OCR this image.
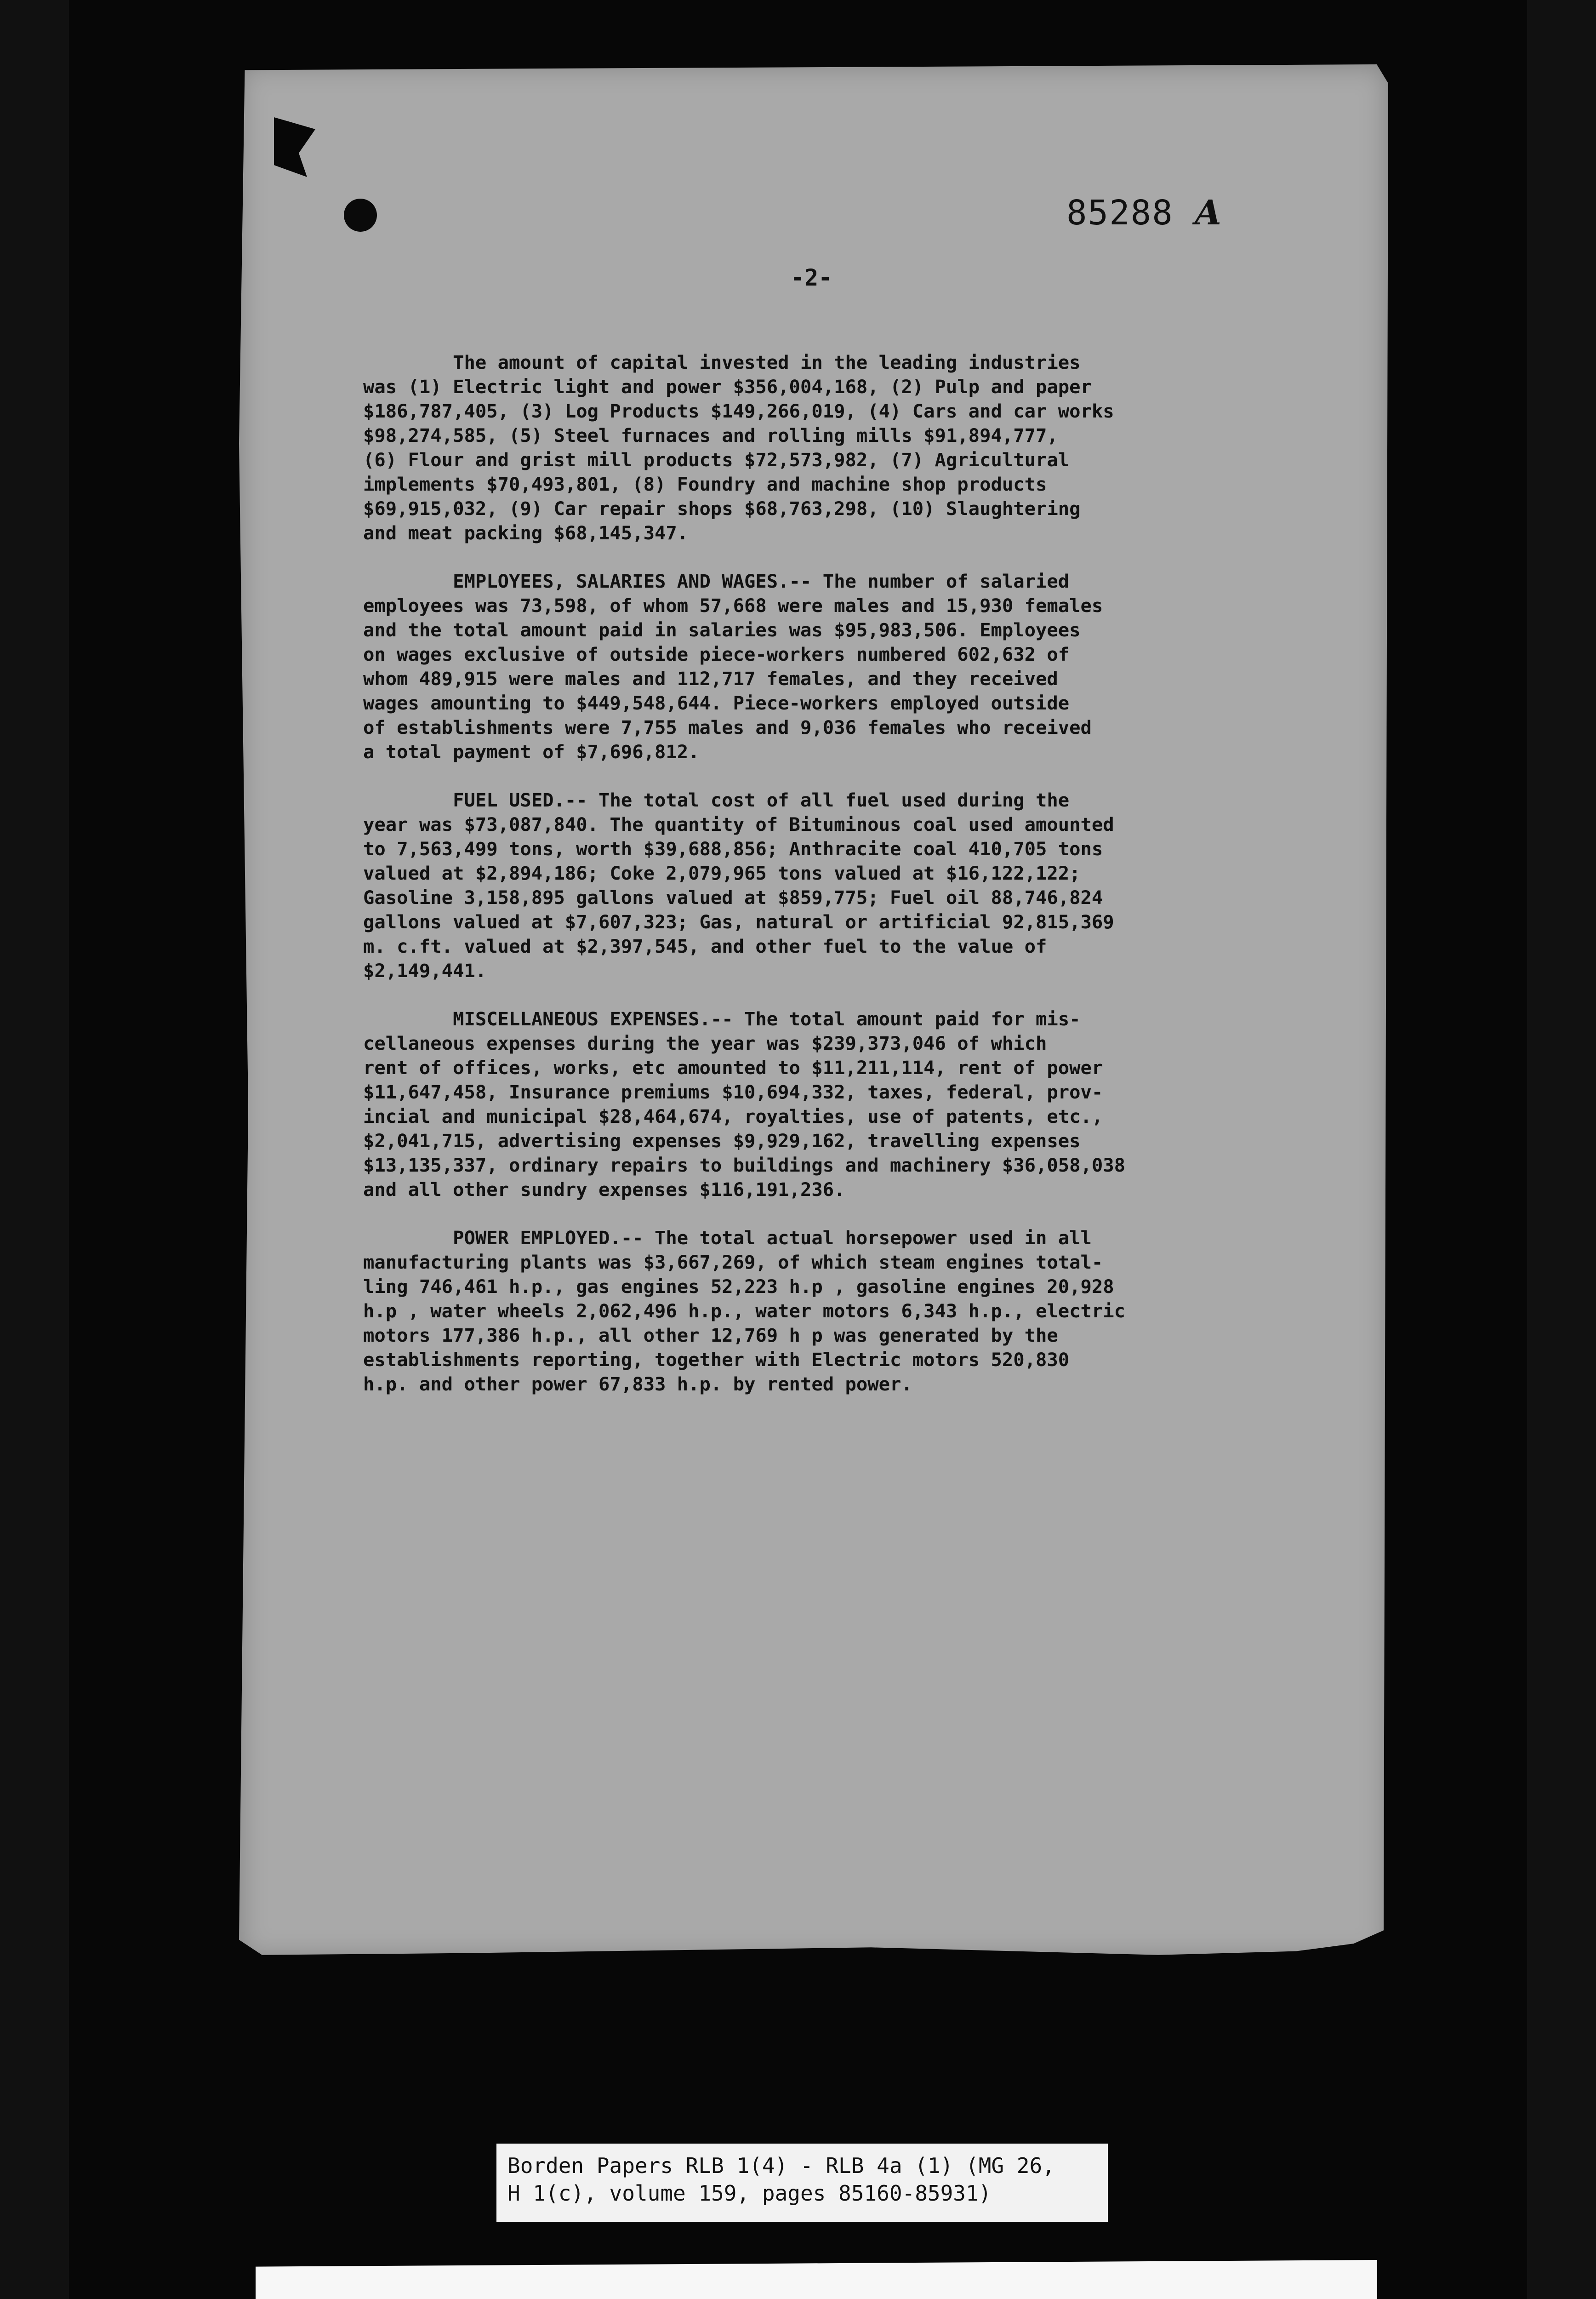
85288 A
-2-

The amount of capital invested in the leading industries
was (1) Electric light and power $356,004,168, (2) Pulp and paper
$186,787,405, (3) Log Products $149,266,019, (4) Cars and car works
$98,274,585, (5) Steel furnaces and rolling mills $91,894,777,
(6) Flour and grist mill products $72,573,982, (7) Agricultural
implements $70,493,801, (8) Foundry and machine shop products
$69,915,032, (9) Car repair shops $68,763,298, (10) Slaughtering
and meat packing $68,145,347.

EMPLOYEES, SALARIES AND WAGES.-- The number of salaried
employees was 73,598, of whom 57,668 were males and 15,930 females
and the total amount paid in salaries was $95,983,506. Employees
on wages exclusive of outside piece-workers numbered 602,632 of
whom 489,915 were males and 112,717 females, and they received
wages amounting to $449,548,644. Piece-workers employed outside
of establishments were 7,755 males and 9,036 females who received
a total payment of $7,696,812.

FUEL USED.-- The total cost of all fuel used during the
year was $73,087,840. The quantity of Bituminous coal used amounted
to 7,563,499 tons, worth $39,688,856; Anthracite coal 410,705 tons
valued at $2,894,186; Coke 2,079,965 tons valued at $16,122,122;
Gasoline 3,158,895 gallons valued at $859,775; Fuel oil 88,746,824
gallons valued at $7,607,323; Gas, natural or artificial 92,815,369
m. c.ft. valued at $2,397,545, and other fuel to the value of
$2,149,441.

MISCELLANEOUS EXPENSES.-- The total amount paid for mis-
cellaneous expenses during the year was $239,373,046 of which
rent of offices, works, etc amounted to $11,211,114, rent of power
$11,647,458, Insurance premiums $10,694,332, taxes, federal, prov-
incial and municipal $28,464,674, royalties, use of patents, etc.,
$2,041,715, advertising expenses $9,929,162, travelling expenses
$13,135,337, ordinary repairs to buildings and machinery $36,058,038
and all other sundry expenses $116,191,236.

POWER EMPLOYED.-- The total actual horsepower used in all
manufacturing plants was $3,667,269, of which steam engines total-
ling 746,461 h.p., gas engines 52,223 h.p , gasoline engines 20,928
h.p , water wheels 2,062,496 h.p., water motors 6,343 h.p., electric
motors 177,386 h.p., all other 12,769 h p was generated by the
establishments reporting, together with Electric motors 520,830
h.p. and other power 67,833 h.p. by rented power.

Borden Papers RLB 1(4) - RLB 4a (1) (MG 26,
H 1(c), volume 159, pages 85160-85931)
